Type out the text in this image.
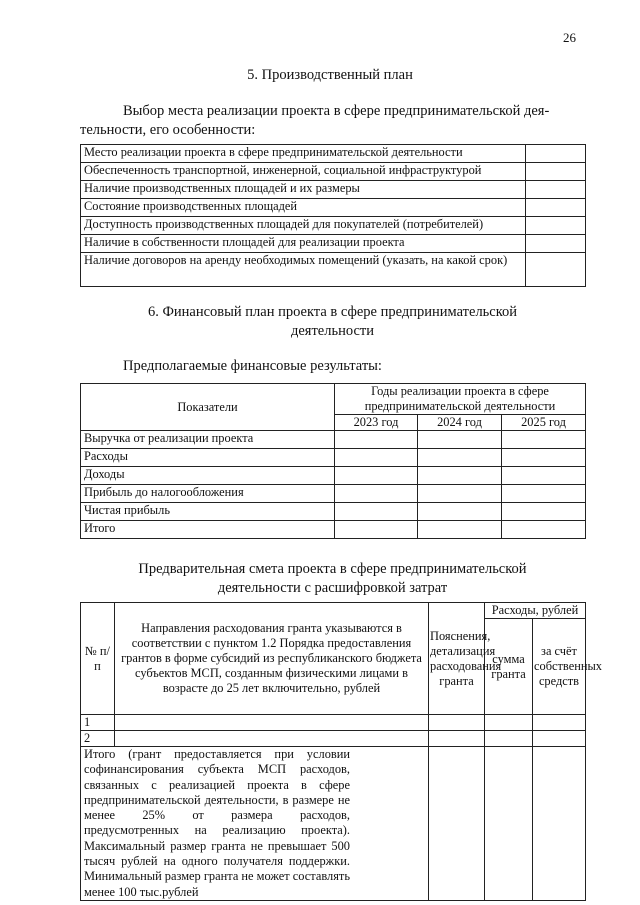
26
5. Производственный план
Выбор места реализации проекта в сфере предпринимательской дея-
тельности, его особенности:
Место реализации проекта в сфере предпринимательской деятельности	
Обеспеченность транспортной, инженерной, социальной инфраструктурой	
Наличие производственных площадей и их размеры	
Состояние производственных площадей	
Доступность производственных площадей для покупателей (потребителей)	
Наличие в собственности площадей для реализации проекта	
Наличие договоров на аренду необходимых помещений (указать, на какой срок)	
6. Финансовый план проекта в сфере предпринимательской
деятельности
Предполагаемые финансовые результаты:
Показатели	Годы реализации проекта в сфере предпринимательской деятельности		
	2023 год	2024 год	2025 год
Выручка от реализации проекта			
Расходы			
Доходы			
Прибыль до налогообложения			
Чистая прибыль			
Итого			
Предварительная смета проекта в сфере предпринимательской
деятельности с расшифровкой затрат
№ п/п	Направления расходования гранта указываются в соответствии с пунктом 1.2 Порядка предоставления грантов в форме субсидий из республиканского бюджета субъектов МСП, созданным физическими лицами в возрасте до 25 лет включительно, рублей	Пояснения, детализация расходования гранта	Расходы, рублей	
			сумма гранта	за счёт собственных средств
1				
2				
Итого (грант предоставляется при условии софинансирования субъекта МСП расходов, связанных с реализацией проекта в сфере предпринимательской деятельности, в размере не менее 25% от размера расходов, предусмотренных на реализацию проекта). Максимальный размер гранта не превышает 500 тысяч рублей на одного получателя поддержки. Минимальный размер гранта не может составлять менее 100 тыс.рублей				
